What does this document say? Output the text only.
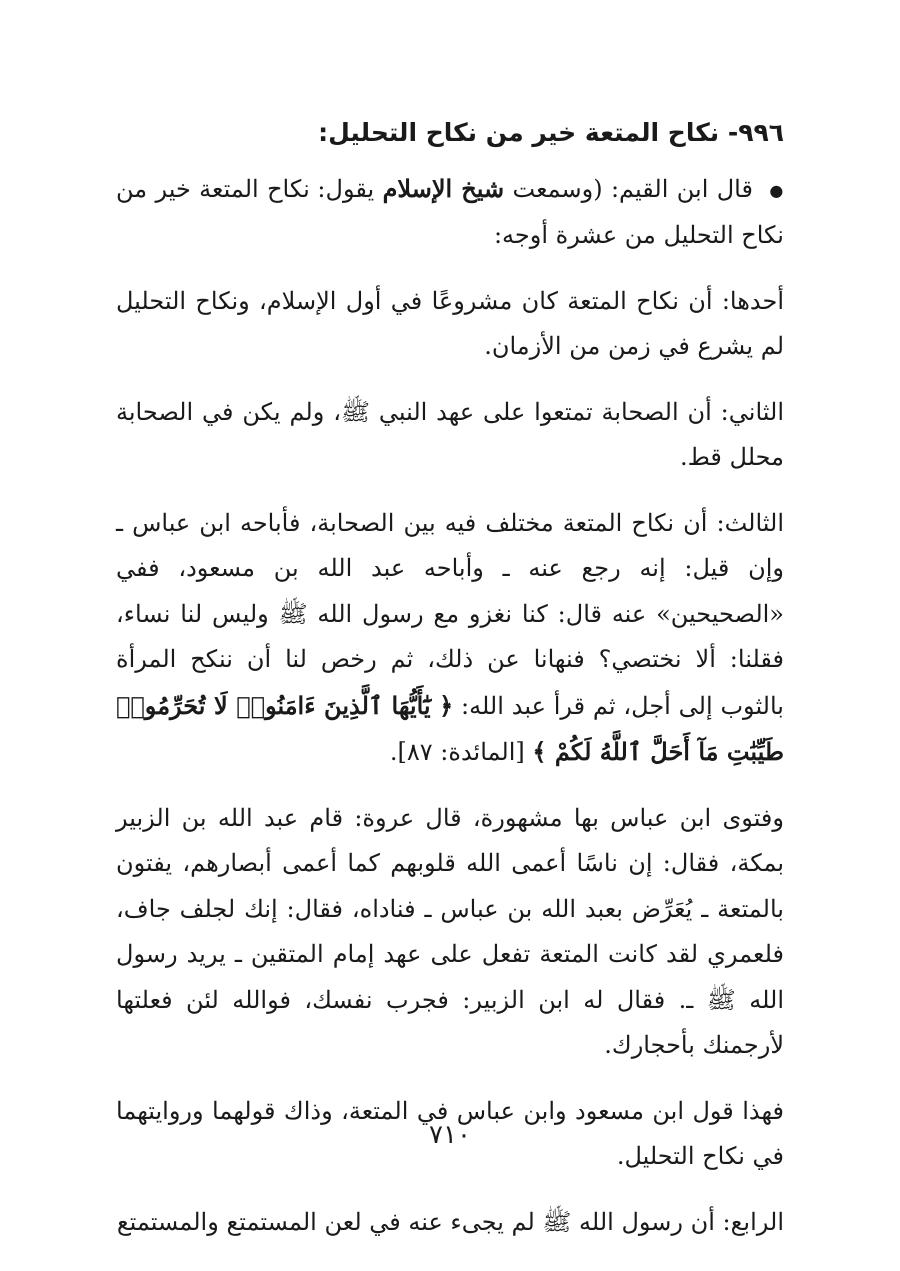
٩٩٦- نكاح المتعة خير من نكاح التحليل:

● قال ابن القيم: (وسمعت شيخ الإسلام يقول: نكاح المتعة خير من نكاح التحليل من عشرة أوجه:

أحدها: أن نكاح المتعة كان مشروعًا في أول الإسلام، ونكاح التحليل لم يشرع في زمن من الأزمان.

الثاني: أن الصحابة تمتعوا على عهد النبي ﷺ، ولم يكن في الصحابة محلل قط.

الثالث: أن نكاح المتعة مختلف فيه بين الصحابة، فأباحه ابن عباس ـ وإن قيل: إنه رجع عنه ـ وأباحه عبد الله بن مسعود، ففي «الصحيحين» عنه قال: كنا نغزو مع رسول الله ﷺ وليس لنا نساء، فقلنا: ألا نختصي؟ فنهانا عن ذلك، ثم رخص لنا أن ننكح المرأة بالثوب إلى أجل، ثم قرأ عبد الله: ﴿ يَٰٓأَيُّهَا ٱلَّذِينَ ءَامَنُوا۟ لَا تُحَرِّمُوا۟ طَيِّبَٰتِ مَآ أَحَلَّ ٱللَّهُ لَكُمْ ﴾ [المائدة: ٨٧].

وفتوى ابن عباس بها مشهورة، قال عروة: قام عبد الله بن الزبير بمكة، فقال: إن ناسًا أعمى الله قلوبهم كما أعمى أبصارهم، يفتون بالمتعة ـ يُعَرِّض بعبد الله بن عباس ـ فناداه، فقال: إنك لجلف جاف، فلعمري لقد كانت المتعة تفعل على عهد إمام المتقين ـ يريد رسول الله ﷺ ـ. فقال له ابن الزبير: فجرب نفسك، فوالله لئن فعلتها لأرجمنك بأحجارك.

فهذا قول ابن مسعود وابن عباس في المتعة، وذاك قولهما وروايتهما في نكاح التحليل.

الرابع: أن رسول الله ﷺ لم يجىء عنه في لعن المستمتع والمستمتع

٧١٠
